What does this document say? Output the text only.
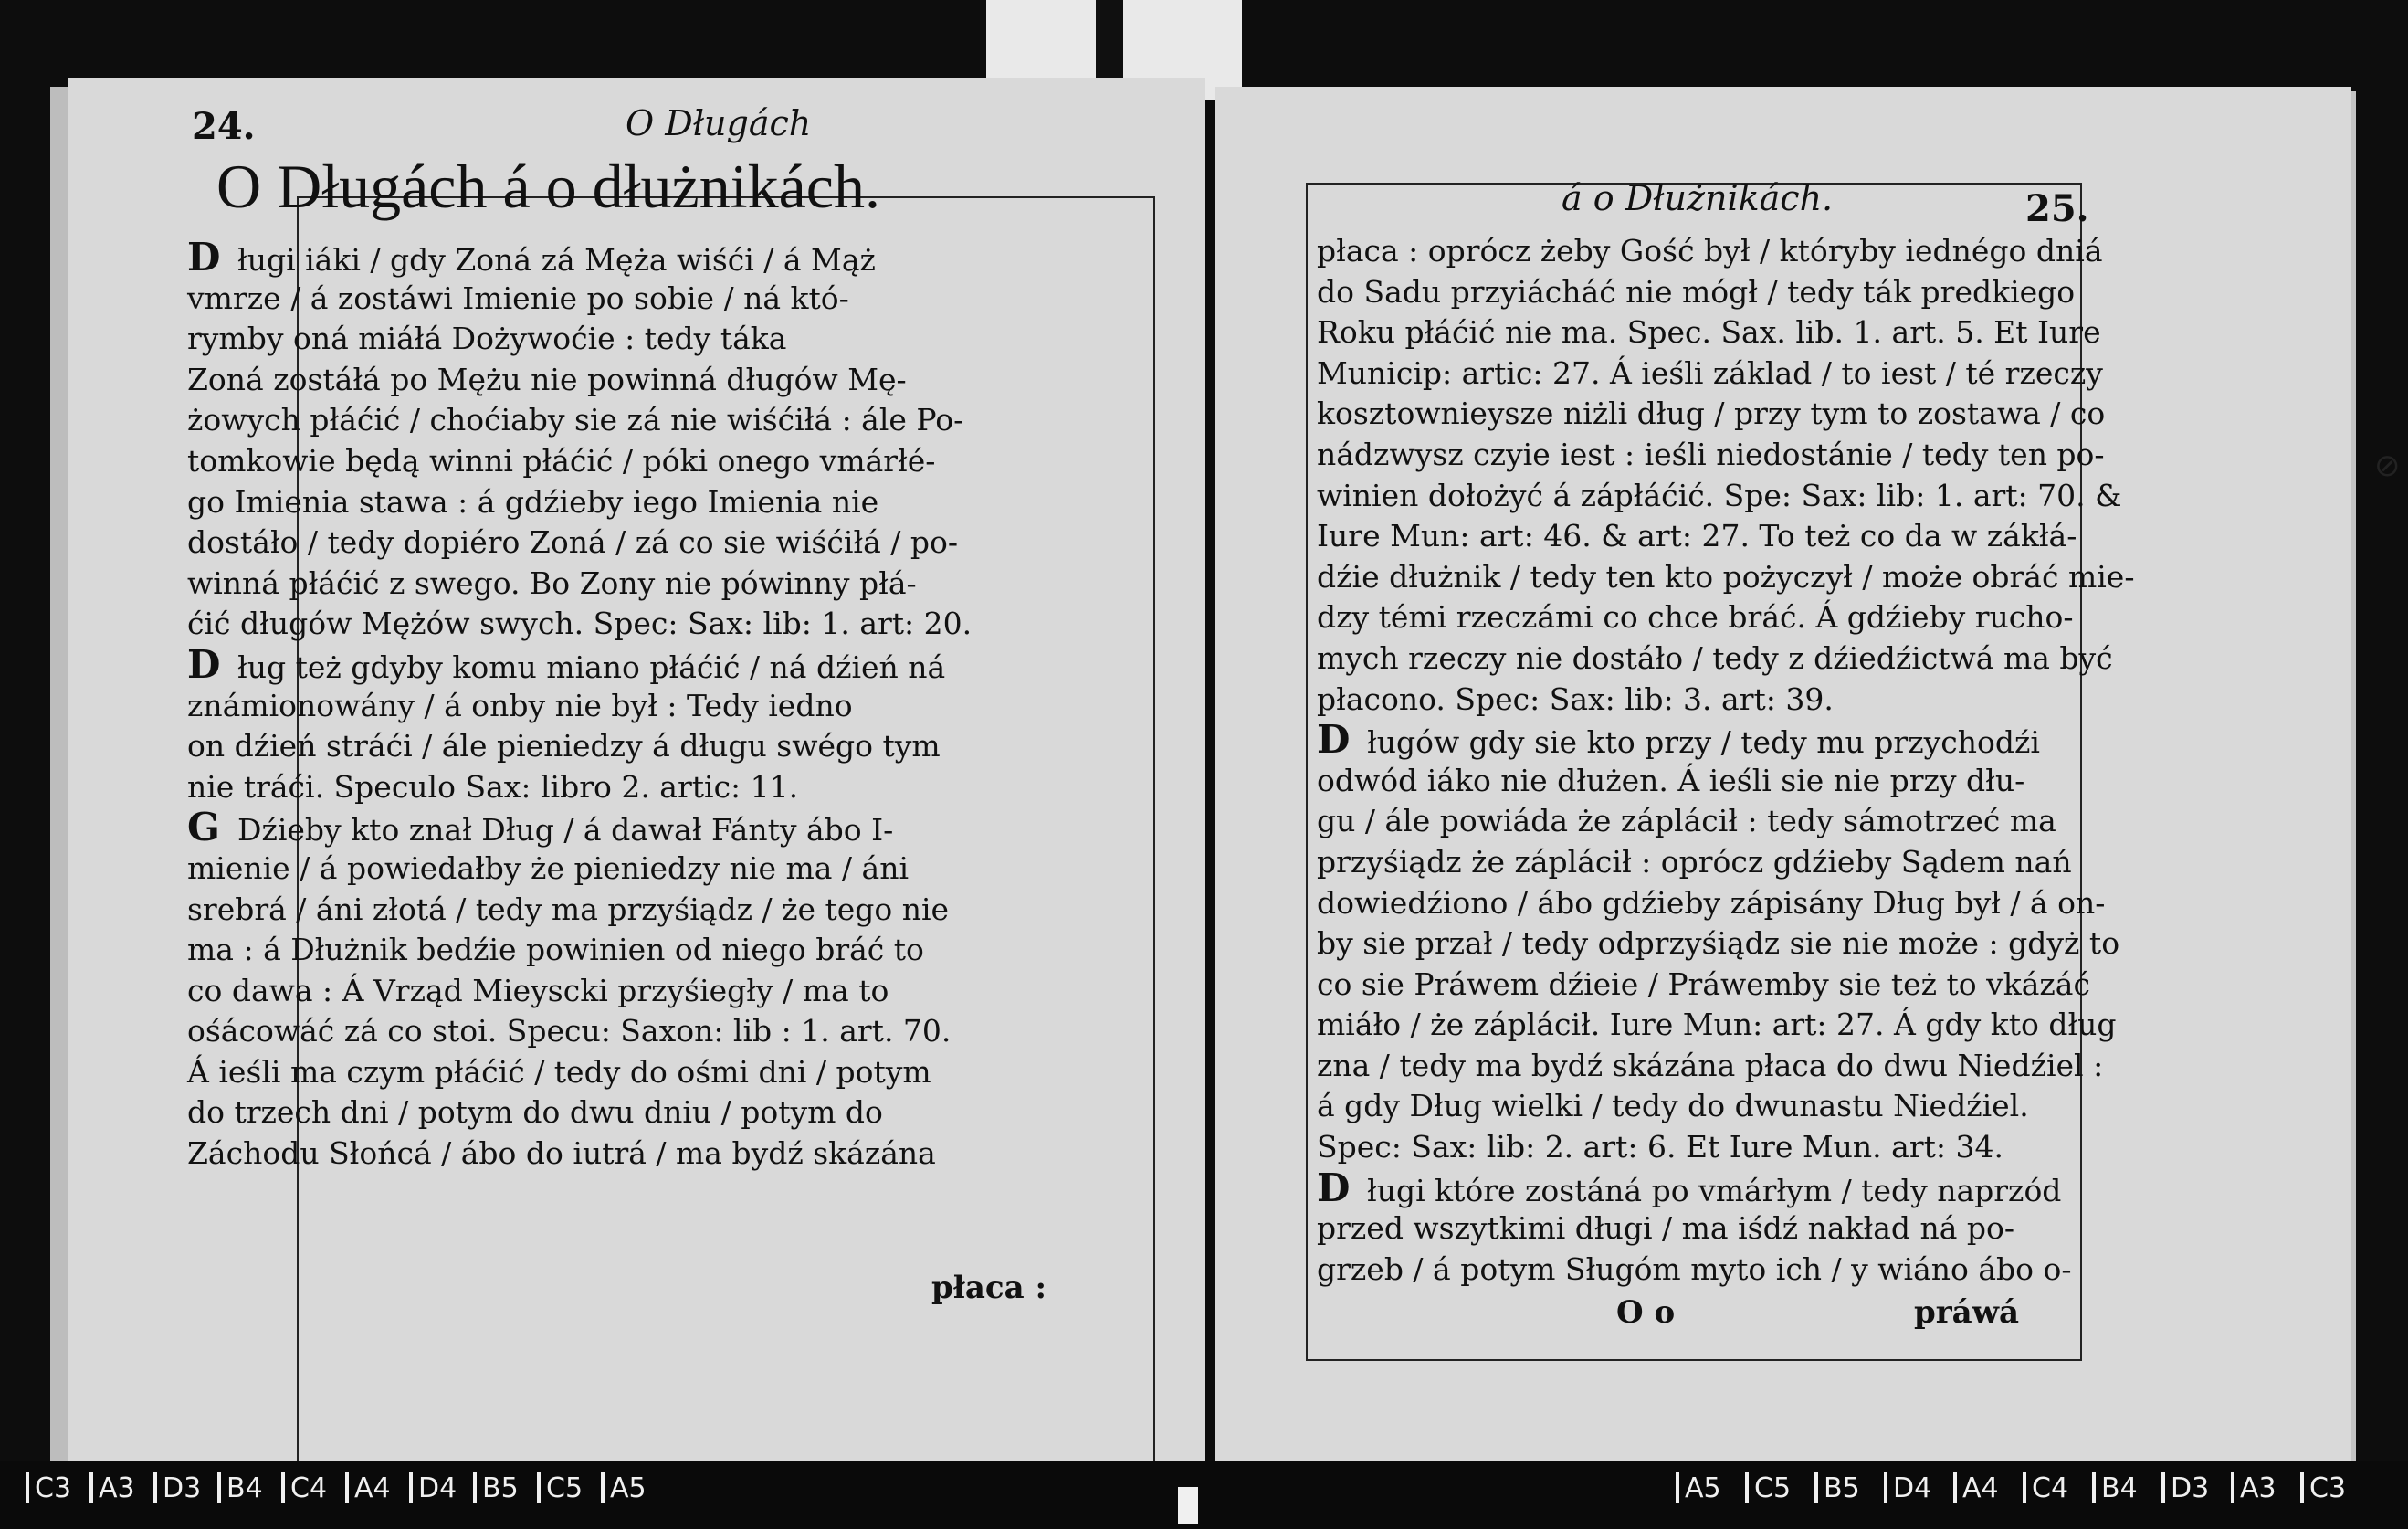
24.	O Długách
O Długách á o dłużnikách.
D ługi iáki / gdy Zoná zá Męża wiśći / á Mąż
vmrze / á zostáwi Imienie po sobie / ná któ-
rymby oná miáłá Dożywoćie : tedy táka
Zoná zostáłá po Mężu nie powinná długów Mę-
żowych płáćić / choćiaby sie zá nie wiśćiłá : ále Po-
tomkowie będą winni płáćić / póki onego vmárłé-
go Imienia stawa : á gdźieby iego Imienia nie
dostáło / tedy dopiéro Zoná / zá co sie wiśćiłá / po-
winná płáćić z swego. Bo Zony nie pówinny płá-
ćić długów Mężów swych. Spec: Sax: lib: 1. art: 20.
D ług też gdyby komu miano płáćić / ná dźień ná
známionowány / á onby nie był : Tedy iedno
on dźień stráći / ále pieniedzy á długu swégo tym
nie tráći. Speculo Sax: libro 2. artic: 11.
G Dźieby kto znał Dług / á dawał Fánty ábo I-
mienie / á powiedałby że pieniedzy nie ma / áni
srebrá / áni złotá / tedy ma przyśiądz / że tego nie
ma : á Dłużnik bedźie powinien od niego bráć to
co dawa : Á Vrząd Mieyscki przyśiegły / ma to
ośácowáć zá co stoi. Specu: Saxon: lib : 1. art. 70.
Á ieśli ma czym płáćić / tedy do ośmi dni / potym
do trzech dni / potym do dwu dniu / potym do
Záchodu Słońcá / ábo do iutrá / ma bydź skázána
płaca :
á o Dłużnikách.	25.
płaca : oprócz żeby Gość był / któryby iednégo dniá
do Sadu przyiácháć nie mógł / tedy ták predkiego
Roku płáćić nie ma. Spec. Sax. lib. 1. art. 5. Et Iure
Municip: artic: 27. Á ieśli základ / to iest / té rzeczy
kosztownieysze niżli dług / przy tym to zostawa / co
nádzwysz czyie iest : ieśli niedostánie / tedy ten po-
winien dołożyć á zápłáćić. Spe: Sax: lib: 1. art: 70. &
Iure Mun: art: 46. & art: 27. To też co da w zákłá-
dźie dłużnik / tedy ten kto pożyczył / może obráć mie-
dzy témi rzeczámi co chce bráć. Á gdźieby rucho-
mych rzeczy nie dostáło / tedy z dźiedźictwá ma być
płacono. Spec: Sax: lib: 3. art: 39.
D ługów gdy sie kto przy / tedy mu przychodźi
odwód iáko nie dłużen. Á ieśli sie nie przy dłu-
gu / ále powiáda że záplácił : tedy sámotrzeć ma
przyśiądz że záplácił : oprócz gdźieby Sądem nań
dowiedźiono / ábo gdźieby zápisány Dług był / á on-
by sie przał / tedy odprzyśiądz sie nie może : gdyż to
co sie Práwem dźieie / Práwemby sie też to vkázáć
miáło / że záplácił. Iure Mun: art: 27. Á gdy kto dług
zna / tedy ma bydź skázána płaca do dwu Niedźiel :
á gdy Dług wielki / tedy do dwunastu Niedźiel.
Spec: Sax: lib: 2. art: 6. Et Iure Mun. art: 34.
D ługi które zostáná po vmárłym / tedy naprzód
przed wszytkimi długi / ma iśdź nakład ná po-
grzeb / á potym Sługóm myto ich / y wiáno ábo o-
O o	práwá
⊘
C3 A3 D3 B4 C4 A4 D4 B5 C5 A5	A5 C5 B5 D4 A4 C4 B4 D3 A3 C3
